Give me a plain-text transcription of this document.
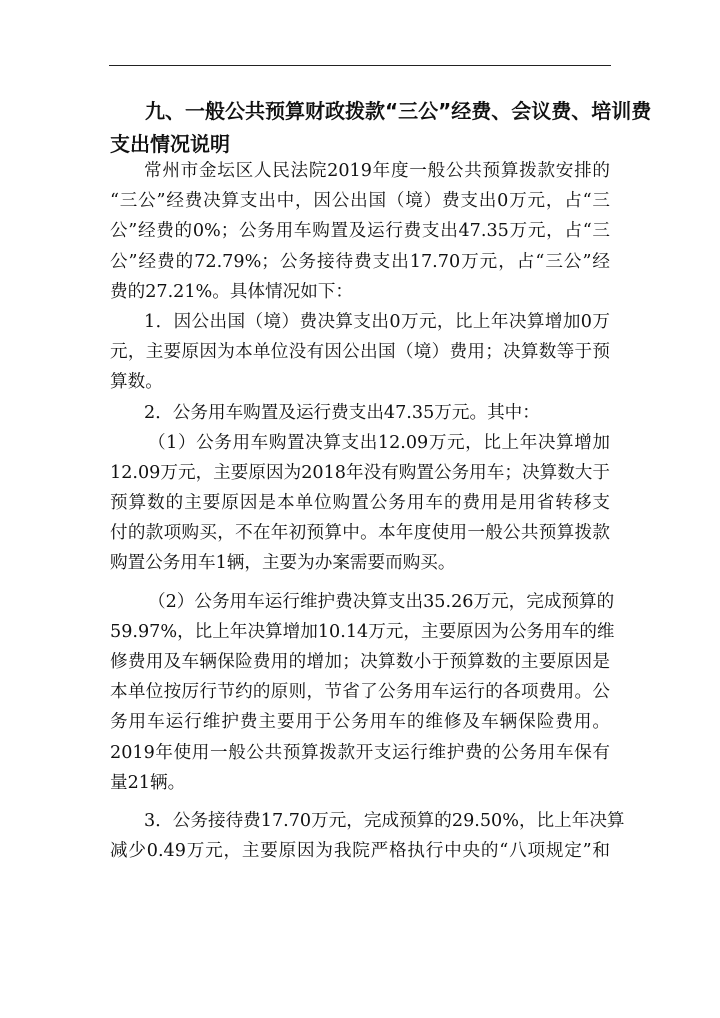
九、一般公共预算财政拨款“三公”经费、会议费、培训费
支出情况说明
常州市金坛区人民法院2019年度一般公共预算拨款安排的
“三公”经费决算支出中，因公出国（境）费支出0万元，占“三
公”经费的0%；公务用车购置及运行费支出47.35万元，占“三
公”经费的72.79%；公务接待费支出17.70万元，占“三公”经
费的27.21%。具体情况如下：
1．因公出国（境）费决算支出0万元，比上年决算增加0万
元，主要原因为本单位没有因公出国（境）费用；决算数等于预
算数。
2．公务用车购置及运行费支出47.35万元。其中：
（1）公务用车购置决算支出12.09万元，比上年决算增加
12.09万元，主要原因为2018年没有购置公务用车；决算数大于
预算数的主要原因是本单位购置公务用车的费用是用省转移支
付的款项购买，不在年初预算中。本年度使用一般公共预算拨款
购置公务用车1辆，主要为办案需要而购买。
（2）公务用车运行维护费决算支出35.26万元，完成预算的
59.97%，比上年决算增加10.14万元，主要原因为公务用车的维
修费用及车辆保险费用的增加；决算数小于预算数的主要原因是
本单位按厉行节约的原则，节省了公务用车运行的各项费用。公
务用车运行维护费主要用于公务用车的维修及车辆保险费用。
2019年使用一般公共预算拨款开支运行维护费的公务用车保有
量21辆。
3．公务接待费17.70万元，完成预算的29.50%，比上年决算
减少0.49万元，主要原因为我院严格执行中央的“八项规定”和
